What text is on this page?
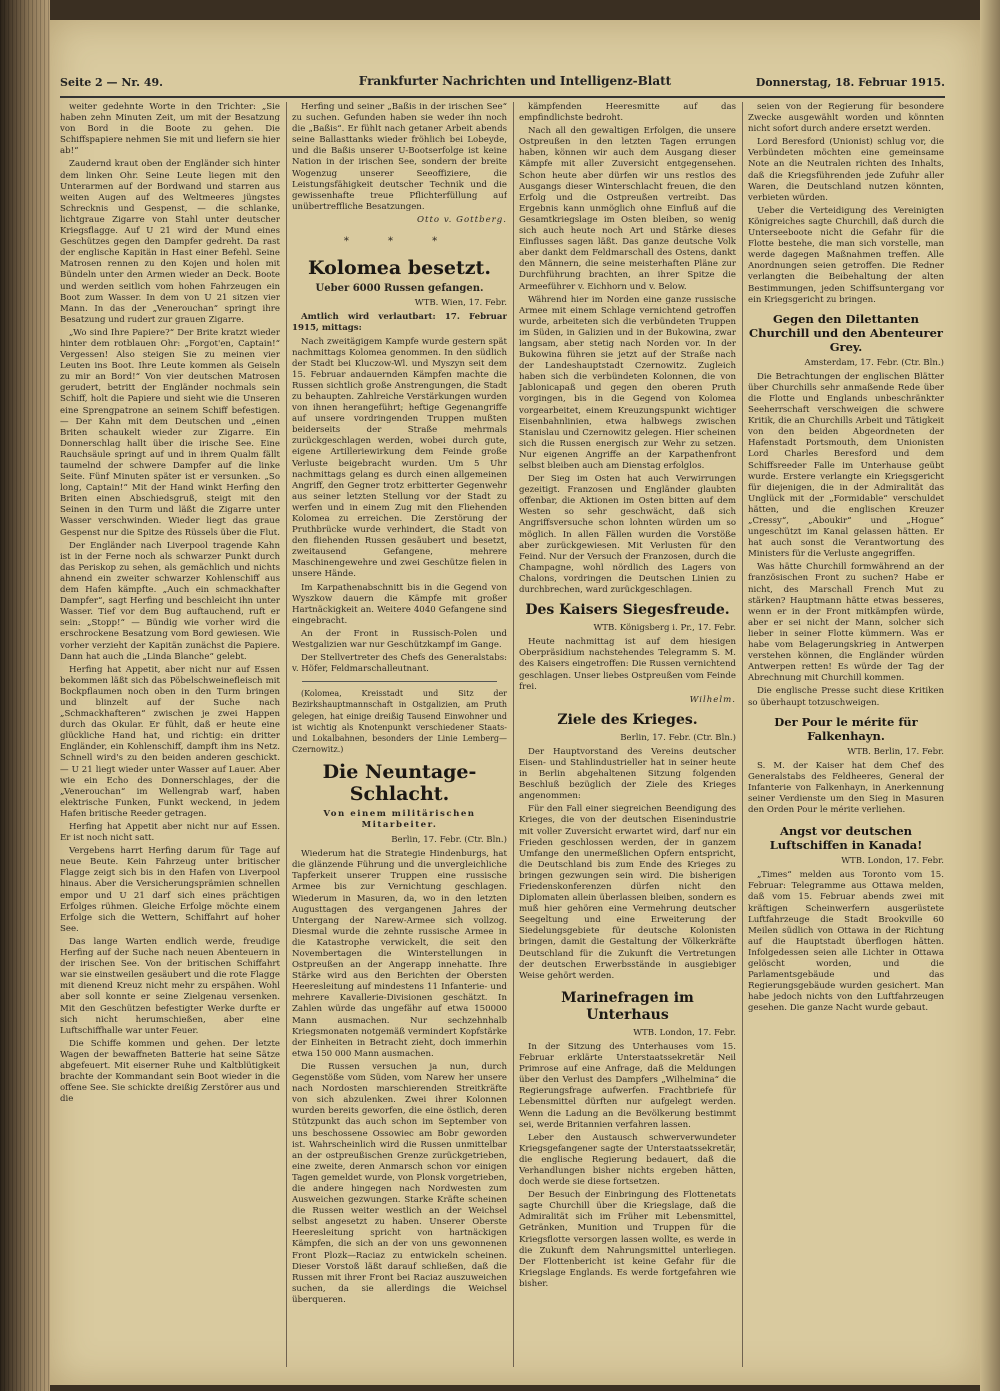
Seite 2 — Nr. 49.	Frankfurter Nachrichten und Intelligenz-Blatt	Donnerstag, 18. Februar 1915.

weiter gedehnte Worte in den Trichter: „Sie haben zehn Minuten Zeit, um mit der Besatzung von Bord in die Boote zu gehen. Die Schiffspapiere nehmen Sie mit und liefern sie hier ab!“

Zaudernd kraut oben der Engländer sich hinter dem linken Ohr. Seine Leute liegen mit den Unterarmen auf der Bordwand und starren aus weiten Augen auf des Weltmeeres jüngstes Schrecknis und Gespenst, — die schlanke, lichtgraue Zigarre von Stahl unter deutscher Kriegsflagge. Auf U 21 wird der Mund eines Geschützes gegen den Dampfer gedreht. Da rast der englische Kapitän in Hast einer Befehl. Seine Matrosen rennen zu den Kojen und holen mit Bündeln unter den Armen wieder an Deck. Boote und werden seitlich vom hohen Fahrzeugen ein Boot zum Wasser. In dem von U 21 sitzen vier Mann. In das der „Venerouchan“ springt ihre Besatzung und rudert zur grauen Zigarre.

„Wo sind Ihre Papiere?“ Der Brite kratzt wieder hinter dem rotblauen Ohr: „Forgot'en, Captain!“ Vergessen! Also steigen Sie zu meinen vier Leuten ins Boot. Ihre Leute kommen als Geiseln zu mir an Bord!“ Von vier deutschen Matrosen gerudert, betritt der Engländer nochmals sein Schiff, holt die Papiere und sieht wie die Unseren eine Sprengpatrone an seinem Schiff befestigen. — Der Kahn mit dem Deutschen und „einen Briten schaukelt wieder zur Zigarre. Ein Donnerschlag hallt über die irische See. Eine Rauchsäule springt auf und in ihrem Qualm fällt taumelnd der schwere Dampfer auf die linke Seite. Fünf Minuten später ist er versunken. „So long, Captain!“ Mit der Hand winkt Herfing den Briten einen Abschiedsgruß, steigt mit den Seinen in den Turm und läßt die Zigarre unter Wasser verschwinden. Wieder liegt das graue Gespenst nur die Spitze des Rüssels über die Flut.

Der Engländer nach Liverpool tragende Kahn ist in der Ferne noch als schwarzer Punkt durch das Periskop zu sehen, als gemächlich und nichts ahnend ein zweiter schwarzer Kohlenschiff aus dem Hafen kämpfte. „Auch ein schmackhafter Dampfer“, sagt Herfing und beschleicht ihn unter Wasser. Tief vor dem Bug auftauchend, ruft er sein: „Stopp!“ — Bündig wie vorher wird die erschrockene Besatzung vom Bord gewiesen. Wie vorher verzieht der Kapitän zunächst die Papiere. Dann hat auch die „Linda Blanche“ gelebt.

Herfing hat Appetit, aber nicht nur auf Essen bekommen läßt sich das Pöbelschweinefleisch mit Bockpflaumen noch oben in den Turm bringen und blinzelt auf der Suche nach „Schmackhafteren“ zwischen je zwei Happen durch das Okular. Er fühlt, daß er heute eine glückliche Hand hat, und richtig: ein dritter Engländer, ein Kohlenschiff, dampft ihm ins Netz. Schnell wird's zu den beiden anderen geschickt. — U 21 liegt wieder unter Wasser auf Lauer. Aber wie ein Echo des Donnerschlages, der die „Venerouchan“ im Wellengrab warf, haben elektrische Funken, Funkt weckend, in jedem Hafen britische Reeder getragen.

Herfing hat Appetit aber nicht nur auf Essen. Er ist noch nicht satt.

Vergebens harrt Herfing darum für Tage auf neue Beute. Kein Fahrzeug unter britischer Flagge zeigt sich bis in den Hafen von Liverpool hinaus. Aber die Versicherungsprämien schnellen empor und U 21 darf sich eines prächtigen Erfolges rühmen. Gleiche Erfolge möchte einem Erfolge sich die Wettern, Schiffahrt auf hoher See.

Das lange Warten endlich werde, freudige Herfing auf der Suche nach neuen Abenteuern in der irischen See. Von der britischen Schiffahrt war sie einstweilen gesäubert und die rote Flagge mit dienend Kreuz nicht mehr zu erspähen. Wohl aber soll konnte er seine Zielgenau versenken. Mit den Geschützen befestigter Werke durfte er sich nicht herumschießen, aber eine Luftschiffhalle war unter Feuer.

Die Schiffe kommen und gehen. Der letzte Wagen der bewaffneten Batterie hat seine Sätze abgefeuert. Mit eiserner Ruhe und Kaltblütigkeit brachte der Kommandant sein Boot wieder in die offene See. Sie schickte dreißig Zerstörer aus und die

Herfing und seiner „Baßis in der irischen See“ zu suchen. Gefunden haben sie weder ihn noch die „Baßis“. Er fühlt nach getaner Arbeit abends seine Ballasttanks wieder fröhlich bei Lobeyde, und die Baßis unserer U-Bootserfolge ist keine Nation in der irischen See, sondern der breite Wogenzug unserer Seeoffiziere, die Leistungsfähigkeit deutscher Technik und die gewissenhafte treue Pflichterfüllung auf unübertreffliche Besatzungen.

Otto v. Gottberg.
* * *
Kolomea besetzt.
Ueber 6000 Russen gefangen.
WTB. Wien, 17. Febr.

Amtlich wird verlautbart: 17. Februar 1915, mittags:

Nach zweitägigem Kampfe wurde gestern spät nachmittags Kolomea genommen. In den südlich der Stadt bei Kluczow-Wl. und Myszyn seit dem 15. Februar andauernden Kämpfen machte die Russen sichtlich große Anstrengungen, die Stadt zu behaupten. Zahlreiche Verstärkungen wurden von ihnen herangeführt; heftige Gegenangriffe auf unsere vordringenden Truppen mußten beiderseits der Straße mehrmals zurückgeschlagen werden, wobei durch gute, eigene Artilleriewirkung dem Feinde große Verluste beigebracht wurden. Um 5 Uhr nachmittags gelang es durch einen allgemeinen Angriff, den Gegner trotz erbitterter Gegenwehr aus seiner letzten Stellung vor der Stadt zu werfen und in einem Zug mit den Fliehenden Kolomea zu erreichen. Die Zerstörung der Pruthbrücke wurde verhindert, die Stadt von den fliehenden Russen gesäubert und besetzt, zweitausend Gefangene, mehrere Maschinengewehre und zwei Geschütze fielen in unsere Hände.

Im Karpathenabschnitt bis in die Gegend von Wyszkow dauern die Kämpfe mit großer Hartnäckigkeit an. Weitere 4040 Gefangene sind eingebracht.

An der Front in Russisch-Polen und Westgalizien war nur Geschützkampf im Gange.

Der Stellvertreter des Chefs des Generalstabs: v. Höfer, Feldmarschalleutnant.

(Kolomea, Kreisstadt und Sitz der Bezirkshauptmannschaft in Ostgalizien, am Pruth gelegen, hat einige dreißig Tausend Einwohner und ist wichtig als Knotenpunkt verschiedener Staats- und Lokalbahnen, besonders der Linie Lemberg—Czernowitz.)

Die Neuntage-Schlacht.
Von einem militärischen Mitarbeiter.
Berlin, 17. Febr. (Ctr. Bln.)

Wiederum hat die Strategie Hindenburgs, hat die glänzende Führung und die unvergleichliche Tapferkeit unserer Truppen eine russische Armee bis zur Vernichtung geschlagen. Wiederum in Masuren, da, wo in den letzten Augusttagen des vergangenen Jahres der Untergang der Narew-Armee sich vollzog. Diesmal wurde die zehnte russische Armee in die Katastrophe verwickelt, die seit den Novembertagen die Winterstellungen in Ostpreußen an der Angerapp innehatte. Ihre Stärke wird aus den Berichten der Obersten Heeresleitung auf mindestens 11 Infanterie- und mehrere Kavallerie-Divisionen geschätzt. In Zahlen würde das ungefähr auf etwa 150000 Mann ausmachen. Nur sechzehnhalb Kriegsmonaten notgemäß vermindert Kopfstärke der Einheiten in Betracht zieht, doch immerhin etwa 150 000 Mann ausmachen.

Die Russen versuchen ja nun, durch Gegenstöße vom Süden, vom Narew her unsere nach Nordosten marschierenden Streitkräfte von sich abzulenken. Zwei ihrer Kolonnen wurden bereits geworfen, die eine östlich, deren Stützpunkt das auch schon im September von uns beschossene Ossowiec am Bobr geworden ist. Wahrscheinlich wird die Russen unmittelbar an der ostpreußischen Grenze zurückgetrieben, eine zweite, deren Anmarsch schon vor einigen Tagen gemeldet wurde, von Plonsk vorgetrieben, die andere hingegen nach Nordwesten zum Ausweichen gezwungen. Starke Kräfte scheinen die Russen weiter westlich an der Weichsel selbst angesetzt zu haben. Unserer Oberste Heeresleitung spricht von hartnäckigen Kämpfen, die sich an der von uns gewonnenen Front Plozk—Raciaz zu entwickeln scheinen. Dieser Vorstoß läßt darauf schließen, daß die Russen mit ihrer Front bei Raciaz auszuweichen suchen, da sie allerdings die Weichsel überqueren.

kämpfenden Heeresmitte auf das empfindlichste bedroht.

Nach all den gewaltigen Erfolgen, die unsere Ostpreußen in den letzten Tagen errungen haben, können wir auch dem Ausgang dieser Kämpfe mit aller Zuversicht entgegensehen. Schon heute aber dürfen wir uns restlos des Ausgangs dieser Winterschlacht freuen, die den Erfolg und die Ostpreußen vertreibt. Das Ergebnis kann unmöglich ohne Einfluß auf die Gesamtkriegslage im Osten bleiben, so wenig sich auch heute noch Art und Stärke dieses Einflusses sagen läßt. Das ganze deutsche Volk aber dankt dem Feldmarschall des Ostens, dankt den Männern, die seine meisterhaften Pläne zur Durchführung brachten, an ihrer Spitze die Armeeführer v. Eichhorn und v. Below.

Während hier im Norden eine ganze russische Armee mit einem Schlage vernichtend getroffen wurde, arbeiteten sich die verbündeten Truppen im Süden, in Galizien und in der Bukowina, zwar langsam, aber stetig nach Norden vor. In der Bukowina führen sie jetzt auf der Straße nach der Landeshauptstadt Czernowitz. Zugleich haben sich die verbündeten Kolonnen, die von Jablonicapaß und gegen den oberen Pruth vorgingen, bis in die Gegend von Kolomea vorgearbeitet, einem Kreuzungspunkt wichtiger Eisenbahnlinien, etwa halbwegs zwischen Stanislau und Czernowitz gelegen. Hier scheinen sich die Russen energisch zur Wehr zu setzen. Nur eigenen Angriffe an der Karpathenfront selbst bleiben auch am Dienstag erfolglos.

Der Sieg im Osten hat auch Verwirrungen gezeitigt. Franzosen und Engländer glaubten offenbar, die Aktionen im Osten bitten auf dem Westen so sehr geschwächt, daß sich Angriffsversuche schon lohnten würden um so möglich. In allen Fällen wurden die Vorstöße aber zurückgewiesen. Mit Verlusten für den Feind. Nur der Versuch der Franzosen, durch die Champagne, wohl nördlich des Lagers von Chalons, vordringen die Deutschen Linien zu durchbrechen, ward zurückgeschlagen.

Des Kaisers Siegesfreude.
WTB. Königsberg i. Pr., 17. Febr.

Heute nachmittag ist auf dem hiesigen Oberpräsidium nachstehendes Telegramm S. M. des Kaisers eingetroffen: Die Russen vernichtend geschlagen. Unser liebes Ostpreußen vom Feinde frei.

Wilhelm.
Ziele des Krieges.
Berlin, 17. Febr. (Ctr. Bln.)

Der Hauptvorstand des Vereins deutscher Eisen- und Stahlindustrieller hat in seiner heute in Berlin abgehaltenen Sitzung folgenden Beschluß bezüglich der Ziele des Krieges angenommen:

Für den Fall einer siegreichen Beendigung des Krieges, die von der deutschen Eisenindustrie mit voller Zuversicht erwartet wird, darf nur ein Frieden geschlossen werden, der in ganzem Umfange den unermeßlichen Opfern entspricht, die Deutschland bis zum Ende des Krieges zu bringen gezwungen sein wird. Die bisherigen Friedenskonferenzen dürfen nicht den Diplomaten allein überlassen bleiben, sondern es muß hier gehören eine Vermehrung deutscher Seegeltung und eine Erweiterung der Siedelungsgebiete für deutsche Kolonisten bringen, damit die Gestaltung der Völkerkräfte Deutschland für die Zukunft die Vertretungen der deutschen Erwerbsstände in ausgiebiger Weise gehört werden.

Marinefragen im Unterhaus
WTB. London, 17. Febr.

In der Sitzung des Unterhauses vom 15. Februar erklärte Unterstaatssekretär Neil Primrose auf eine Anfrage, daß die Meldungen über den Verlust des Dampfers „Wilhelmina“ die Regierungsfrage aufwerfen. Frachtbriefe für Lebensmittel dürften nur aufgelegt werden. Wenn die Ladung an die Bevölkerung bestimmt sei, werde Britannien verfahren lassen.

Leber den Austausch schwerverwundeter Kriegsgefangener sagte der Unterstaatssekretär, die englische Regierung bedauert, daß die Verhandlungen bisher nichts ergeben hätten, doch werde sie diese fortsetzen.

Der Besuch der Einbringung des Flottenetats sagte Churchill über die Kriegslage, daß die Admiralität sich im Früher mit Lebensmittel, Getränken, Munition und Truppen für die Kriegsflotte versorgen lassen wollte, es werde in die Zukunft dem Nahrungsmittel unterliegen. Der Flottenbericht ist keine Gefahr für die Kriegslage Englands. Es werde fortgefahren wie bisher.

seien von der Regierung für besondere Zwecke ausgewählt worden und könnten nicht sofort durch andere ersetzt werden.

Lord Beresford (Unionist) schlug vor, die Verbündeten möchten eine gemeinsame Note an die Neutralen richten des Inhalts, daß die Kriegsführenden jede Zufuhr aller Waren, die Deutschland nutzen könnten, verbieten würden.

Ueber die Verteidigung des Vereinigten Königreiches sagte Churchill, daß durch die Unterseeboote nicht die Gefahr für die Flotte bestehe, die man sich vorstelle, man werde dagegen Maßnahmen treffen. Alle Anordnungen seien getroffen. Die Redner verlangten die Beibehaltung der alten Bestimmungen, jeden Schiffsuntergang vor ein Kriegsgericht zu bringen.

Gegen den Dilettanten Churchill und den Abenteurer Grey.
Amsterdam, 17. Febr. (Ctr. Bln.)

Die Betrachtungen der englischen Blätter über Churchills sehr anmaßende Rede über die Flotte und Englands unbeschränkter Seeherrschaft verschweigen die schwere Kritik, die an Churchills Arbeit und Tätigkeit von den beiden Abgeordneten der Hafenstadt Portsmouth, dem Unionisten Lord Charles Beresford und dem Schiffsreeder Falle im Unterhause geübt wurde. Erstere verlangte ein Kriegsgericht für diejenigen, die in der Admiralität das Unglück mit der „Formidable“ verschuldet hätten, und die englischen Kreuzer „Cressy“, „Aboukir“ und „Hogue“ ungeschützt im Kanal gelassen hätten. Er hat auch sonst die Verantwortung des Ministers für die Verluste angegriffen.

Was hätte Churchill formwährend an der französischen Front zu suchen? Habe er nicht, des Marschall French Mut zu stärken? Hauptmann hätte etwas besseres, wenn er in der Front mitkämpfen würde, aber er sei nicht der Mann, solcher sich lieber in seiner Flotte kümmern. Was er habe vom Belagerungskrieg in Antwerpen verstehen können, die Engländer würden Antwerpen retten! Es würde der Tag der Abrechnung mit Churchill kommen.

Die englische Presse sucht diese Kritiken so überhaupt totzuschweigen.

Der Pour le mérite für Falkenhayn.
WTB. Berlin, 17. Febr.

S. M. der Kaiser hat dem Chef des Generalstabs des Feldheeres, General der Infanterie von Falkenhayn, in Anerkennung seiner Verdienste um den Sieg in Masuren den Orden Pour le mérite verliehen.

Angst vor deutschen Luftschiffen in Kanada!
WTB. London, 17. Febr.

„Times“ melden aus Toronto vom 15. Februar: Telegramme aus Ottawa melden, daß vom 15. Februar abends zwei mit kräftigen Scheinwerfern ausgerüstete Luftfahrzeuge die Stadt Brookville 60 Meilen südlich von Ottawa in der Richtung auf die Hauptstadt überflogen hätten. Infolgedessen seien alle Lichter in Ottawa gelöscht worden, und die Parlamentsgebäude und das Regierungsgebäude wurden gesichert. Man habe jedoch nichts von den Luftfahrzeugen gesehen. Die ganze Nacht wurde gebaut.
